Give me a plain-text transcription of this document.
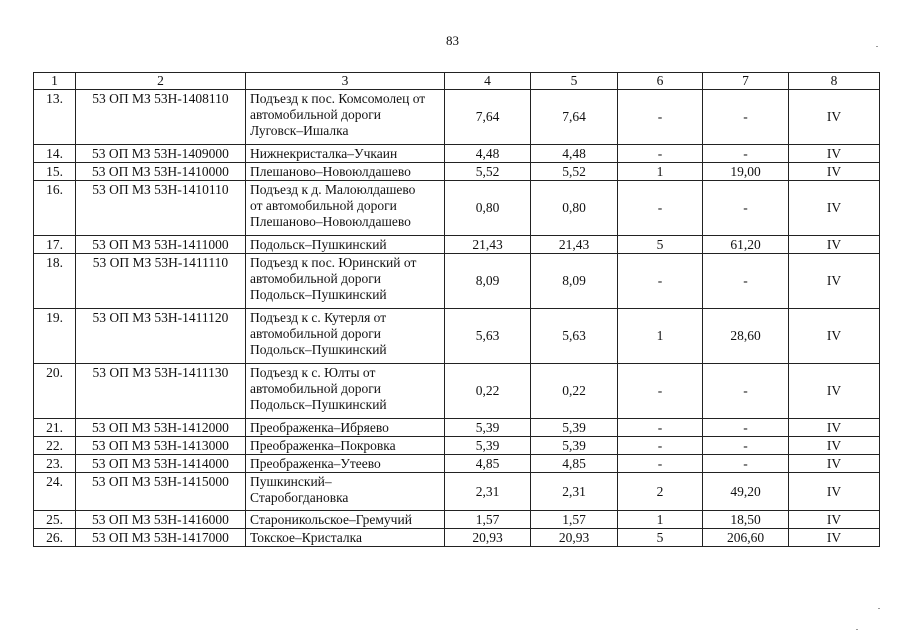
83
1	2	3	4	5	6	7	8
13.	53 ОП МЗ 53Н-1408110	Подъезд к пос. Комсомолец от
автомобильной дороги
Луговск–Ишалка	7,64	7,64	-	-	IV
14.	53 ОП МЗ 53Н-1409000	Нижнекристалка–Учкаин	4,48	4,48	-	-	IV
15.	53 ОП МЗ 53Н-1410000	Плешаново–Новоюлдашево	5,52	5,52	1	19,00	IV
16.	53 ОП МЗ 53Н-1410110	Подъезд к д. Малоюлдашево
от автомобильной дороги
Плешаново–Новоюлдашево	0,80	0,80	-	-	IV
17.	53 ОП МЗ 53Н-1411000	Подольск–Пушкинский	21,43	21,43	5	61,20	IV
18.	53 ОП МЗ 53Н-1411110	Подъезд к пос. Юринский от
автомобильной дороги
Подольск–Пушкинский	8,09	8,09	-	-	IV
19.	53 ОП МЗ 53Н-1411120	Подъезд к с. Кутерля от
автомобильной дороги
Подольск–Пушкинский	5,63	5,63	1	28,60	IV
20.	53 ОП МЗ 53Н-1411130	Подъезд к с. Юлты от
автомобильной дороги
Подольск–Пушкинский	0,22	0,22	-	-	IV
21.	53 ОП МЗ 53Н-1412000	Преображенка–Ибряево	5,39	5,39	-	-	IV
22.	53 ОП МЗ 53Н-1413000	Преображенка–Покровка	5,39	5,39	-	-	IV
23.	53 ОП МЗ 53Н-1414000	Преображенка–Утеево	4,85	4,85	-	-	IV
24.	53 ОП МЗ 53Н-1415000	Пушкинский–
Старобогдановка	2,31	2,31	2	49,20	IV
25.	53 ОП МЗ 53Н-1416000	Староникольское–Гремучий	1,57	1,57	1	18,50	IV
26.	53 ОП МЗ 53Н-1417000	Токское–Кристалка	20,93	20,93	5	206,60	IV
